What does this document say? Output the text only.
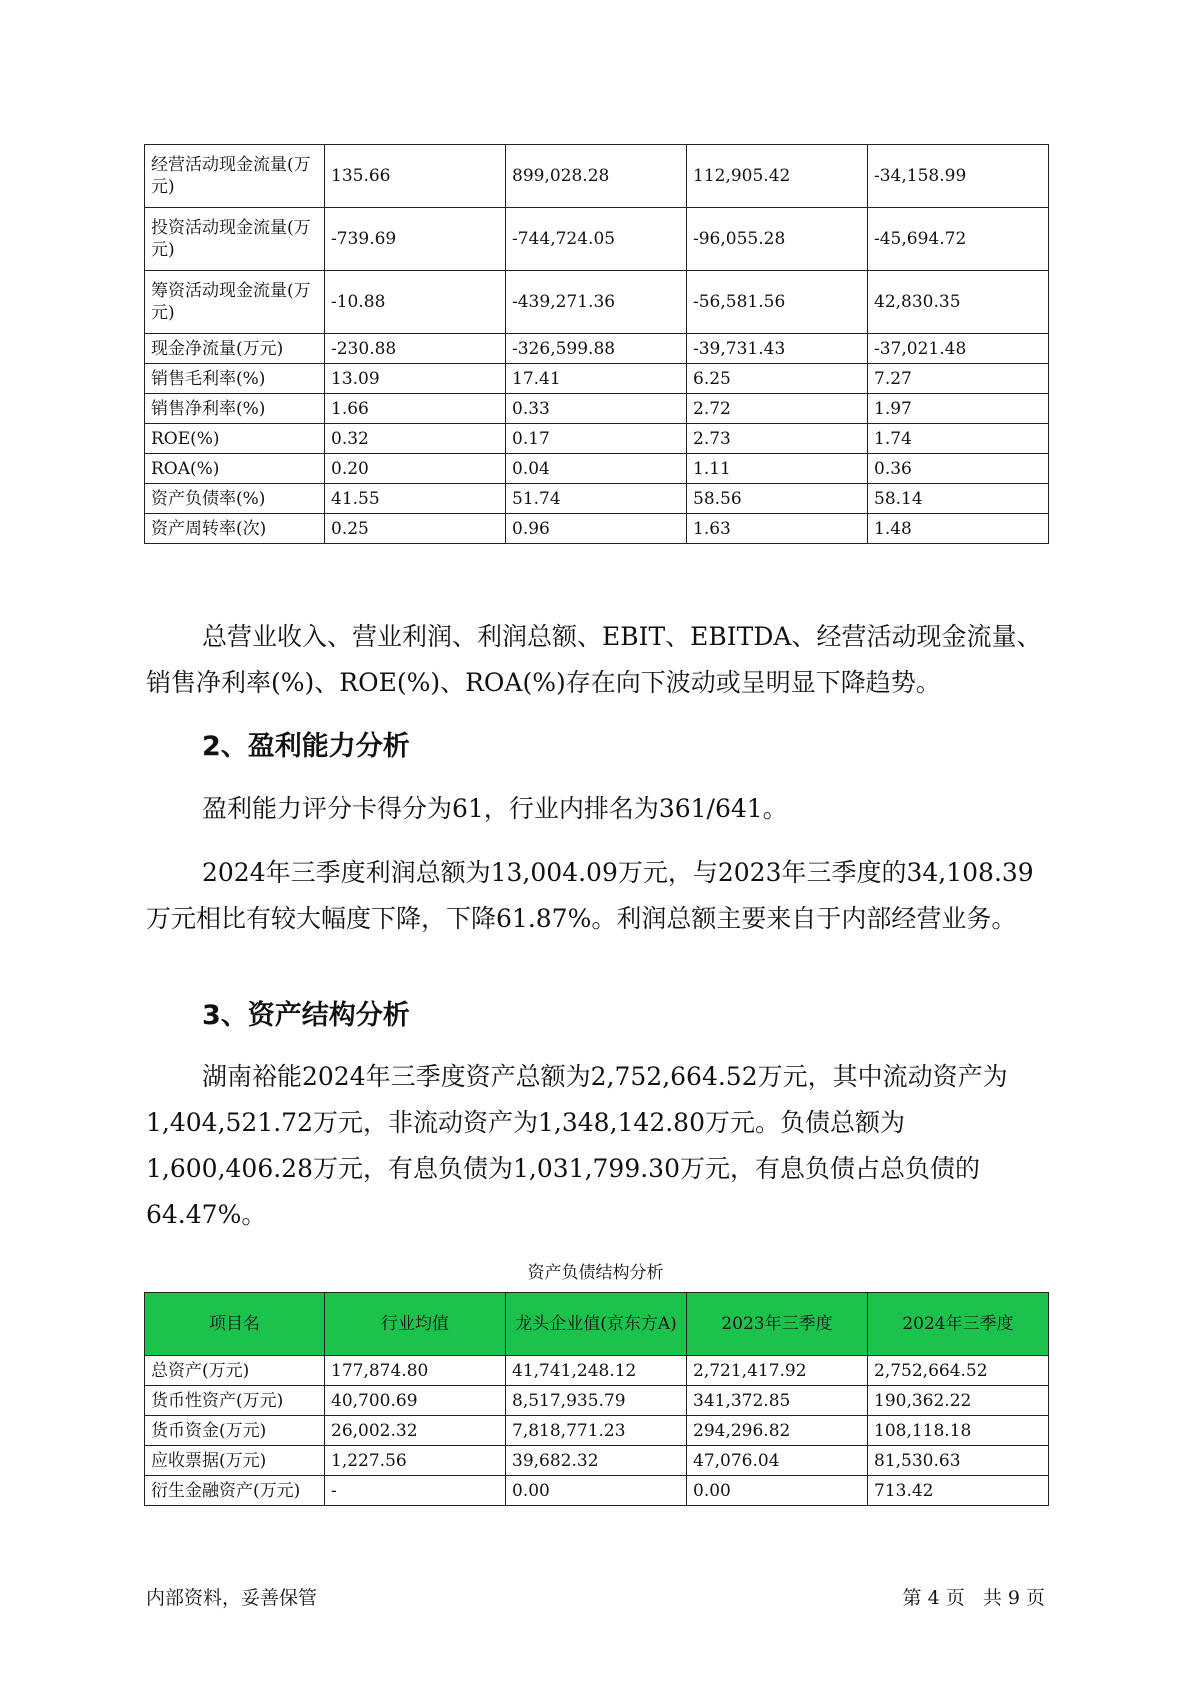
经营活动现金流量(万元)	135.66	899,028.28	112,905.42	-34,158.99
投资活动现金流量(万元)	-739.69	-744,724.05	-96,055.28	-45,694.72
筹资活动现金流量(万元)	-10.88	-439,271.36	-56,581.56	42,830.35
现金净流量(万元)	-230.88	-326,599.88	-39,731.43	-37,021.48
销售毛利率(%)	13.09	17.41	6.25	7.27
销售净利率(%)	1.66	0.33	2.72	1.97
ROE(%)	0.32	0.17	2.73	1.74
ROA(%)	0.20	0.04	1.11	0.36
资产负债率(%)	41.55	51.74	58.56	58.14
资产周转率(次)	0.25	0.96	1.63	1.48

总营业收入、营业利润、利润总额、EBIT、EBITDA、经营活动现金流量、销售净利率(%)、ROE(%)、ROA(%)存在向下波动或呈明显下降趋势。

2、盈利能力分析

盈利能力评分卡得分为61，行业内排名为361/641。

2024年三季度利润总额为13,004.09万元，与2023年三季度的34,108.39万元相比有较大幅度下降，下降61.87%。利润总额主要来自于内部经营业务。

3、资产结构分析

湖南裕能2024年三季度资产总额为2,752,664.52万元，其中流动资产为1,404,521.72万元，非流动资产为1,348,142.80万元。负债总额为1,600,406.28万元，有息负债为1,031,799.30万元，有息负债占总负债的64.47%。

资产负债结构分析
项目名	行业均值	龙头企业值(京东方A)	2023年三季度	2024年三季度
总资产(万元)	177,874.80	41,741,248.12	2,721,417.92	2,752,664.52
货币性资产(万元)	40,700.69	8,517,935.79	341,372.85	190,362.22
货币资金(万元)	26,002.32	7,818,771.23	294,296.82	108,118.18
应收票据(万元)	1,227.56	39,682.32	47,076.04	81,530.63
衍生金融资产(万元)	-	0.00	0.00	713.42
内部资料，妥善保管	第 4 页   共 9 页
